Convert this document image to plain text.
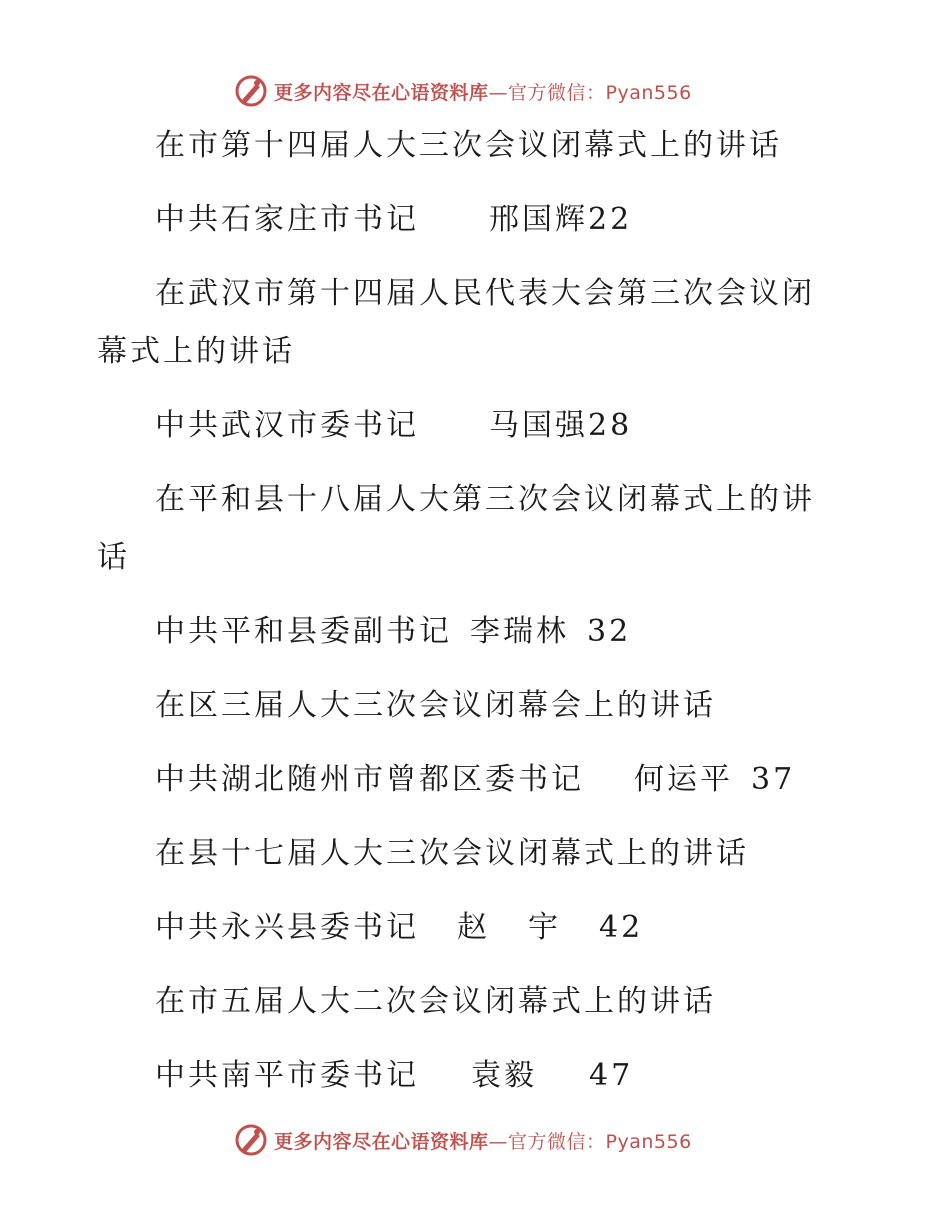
更多内容尽在心语资料库—官方微信：Pyan556
在市第十四届人大三次会议闭幕式上的讲话
中共石家庄市书记 邢国辉22
在武汉市第十四届人民代表大会第三次会议闭
幕式上的讲话
中共武汉市委书记 马国强28
在平和县十八届人大第三次会议闭幕式上的讲
话
中共平和县委副书记 李瑞林 32
在区三届人大三次会议闭幕会上的讲话
中共湖北随州市曾都区委书记 何运平 37
在县十七届人大三次会议闭幕式上的讲话
中共永兴县委书记 赵 宇 42
在市五届人大二次会议闭幕式上的讲话
中共南平市委书记 袁毅 47
更多内容尽在心语资料库—官方微信：Pyan556
